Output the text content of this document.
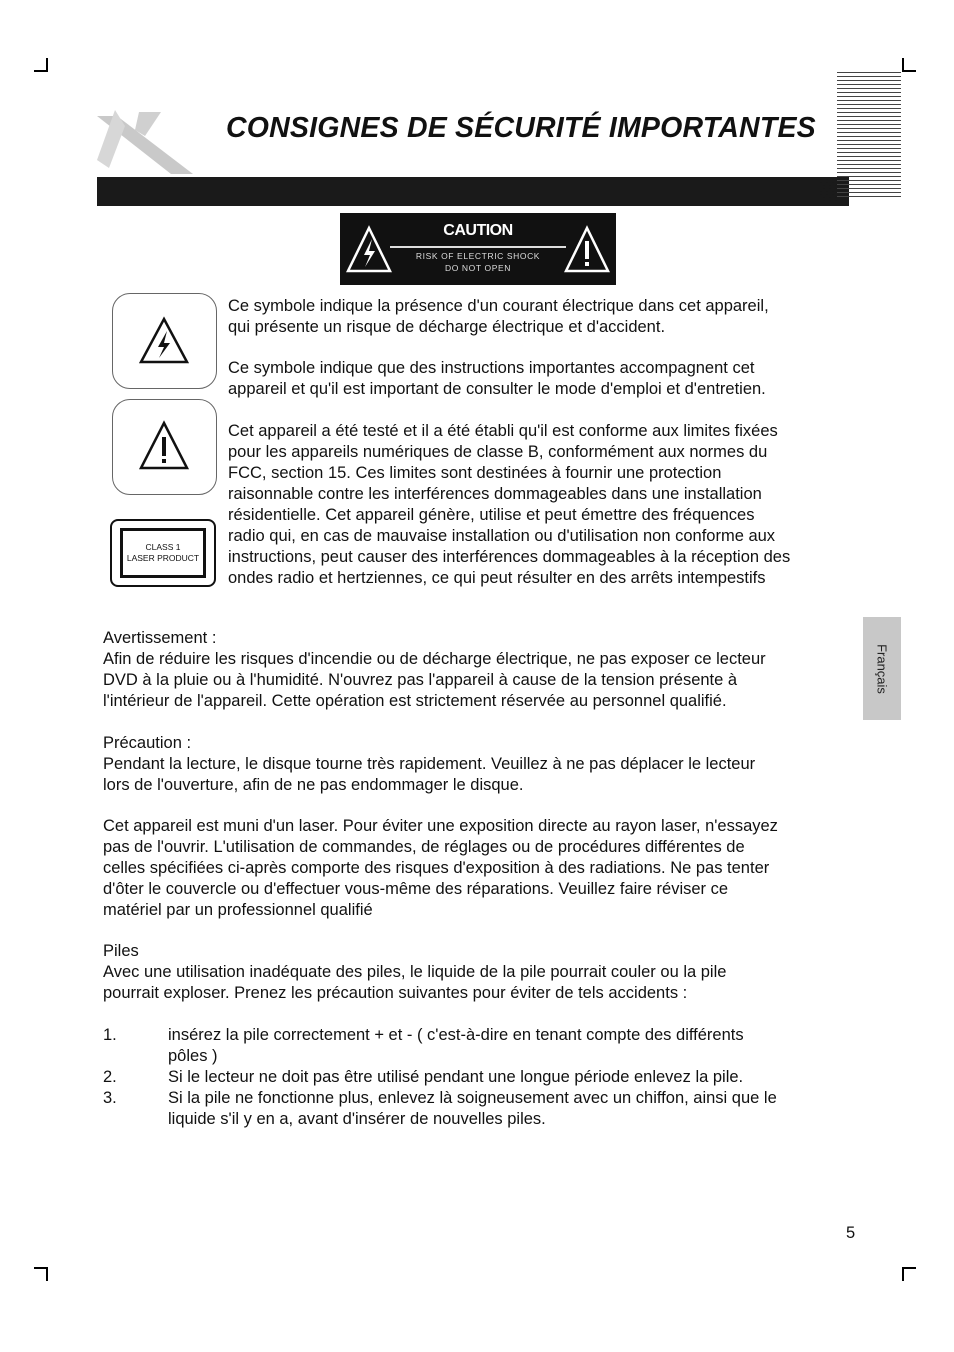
CONSIGNES DE SÉCURITÉ IMPORTANTES
Français
CAUTION
RISK OF ELECTRIC SHOCK
DO NOT OPEN
CLASS 1
LASER PRODUCT
Ce symbole indique la présence d'un courant électrique dans cet appareil,
qui présente un risque de décharge électrique et d'accident.
Ce symbole indique que des instructions importantes accompagnent cet
appareil et qu'il est important de consulter le mode d'emploi et d'entretien.
Cet appareil a été testé et il a été établi qu'il est conforme aux limites fixées
pour les appareils numériques de classe B, conformément aux normes du
FCC, section 15. Ces limites sont destinées à fournir une protection
raisonnable contre les interférences dommageables dans une installation
résidentielle. Cet appareil génère, utilise et peut émettre des fréquences
radio qui, en cas de mauvaise installation ou d'utilisation non conforme aux
instructions, peut causer des interférences dommageables à la réception des
ondes radio et hertziennes, ce qui peut résulter en des arrêts intempestifs
Avertissement :
Afin de réduire les risques d'incendie ou de décharge électrique, ne pas exposer ce lecteur
DVD à la pluie ou à l'humidité. N'ouvrez pas l'appareil à cause de la tension présente à
l'intérieur de l'appareil. Cette opération est strictement réservée au personnel qualifié.
Précaution :
Pendant la lecture, le disque tourne très rapidement. Veuillez à ne pas déplacer le lecteur
lors de l'ouverture, afin de ne pas endommager le disque.
Cet appareil est muni d'un laser. Pour éviter une exposition directe au rayon laser, n'essayez
pas de l'ouvrir. L'utilisation de commandes, de réglages ou de procédures différentes de
celles spécifiées ci-après comporte des risques d'exposition à des radiations. Ne pas tenter
d'ôter le couvercle ou d'effectuer vous-même des réparations. Veuillez faire réviser ce
matériel par un professionnel qualifié
Piles
Avec une utilisation inadéquate des piles, le liquide de la pile pourrait couler ou la pile
pourrait exploser. Prenez les précaution suivantes pour éviter de tels accidents :
1.	insérez la pile correctement + et - ( c'est-à-dire en tenant compte des différents
pôles )
2.	Si le lecteur ne doit pas être utilisé pendant une longue période enlevez la pile.
3.	Si la pile ne fonctionne plus, enlevez là soigneusement avec un chiffon, ainsi que le
liquide s'il y en a, avant d'insérer de nouvelles piles.
5
